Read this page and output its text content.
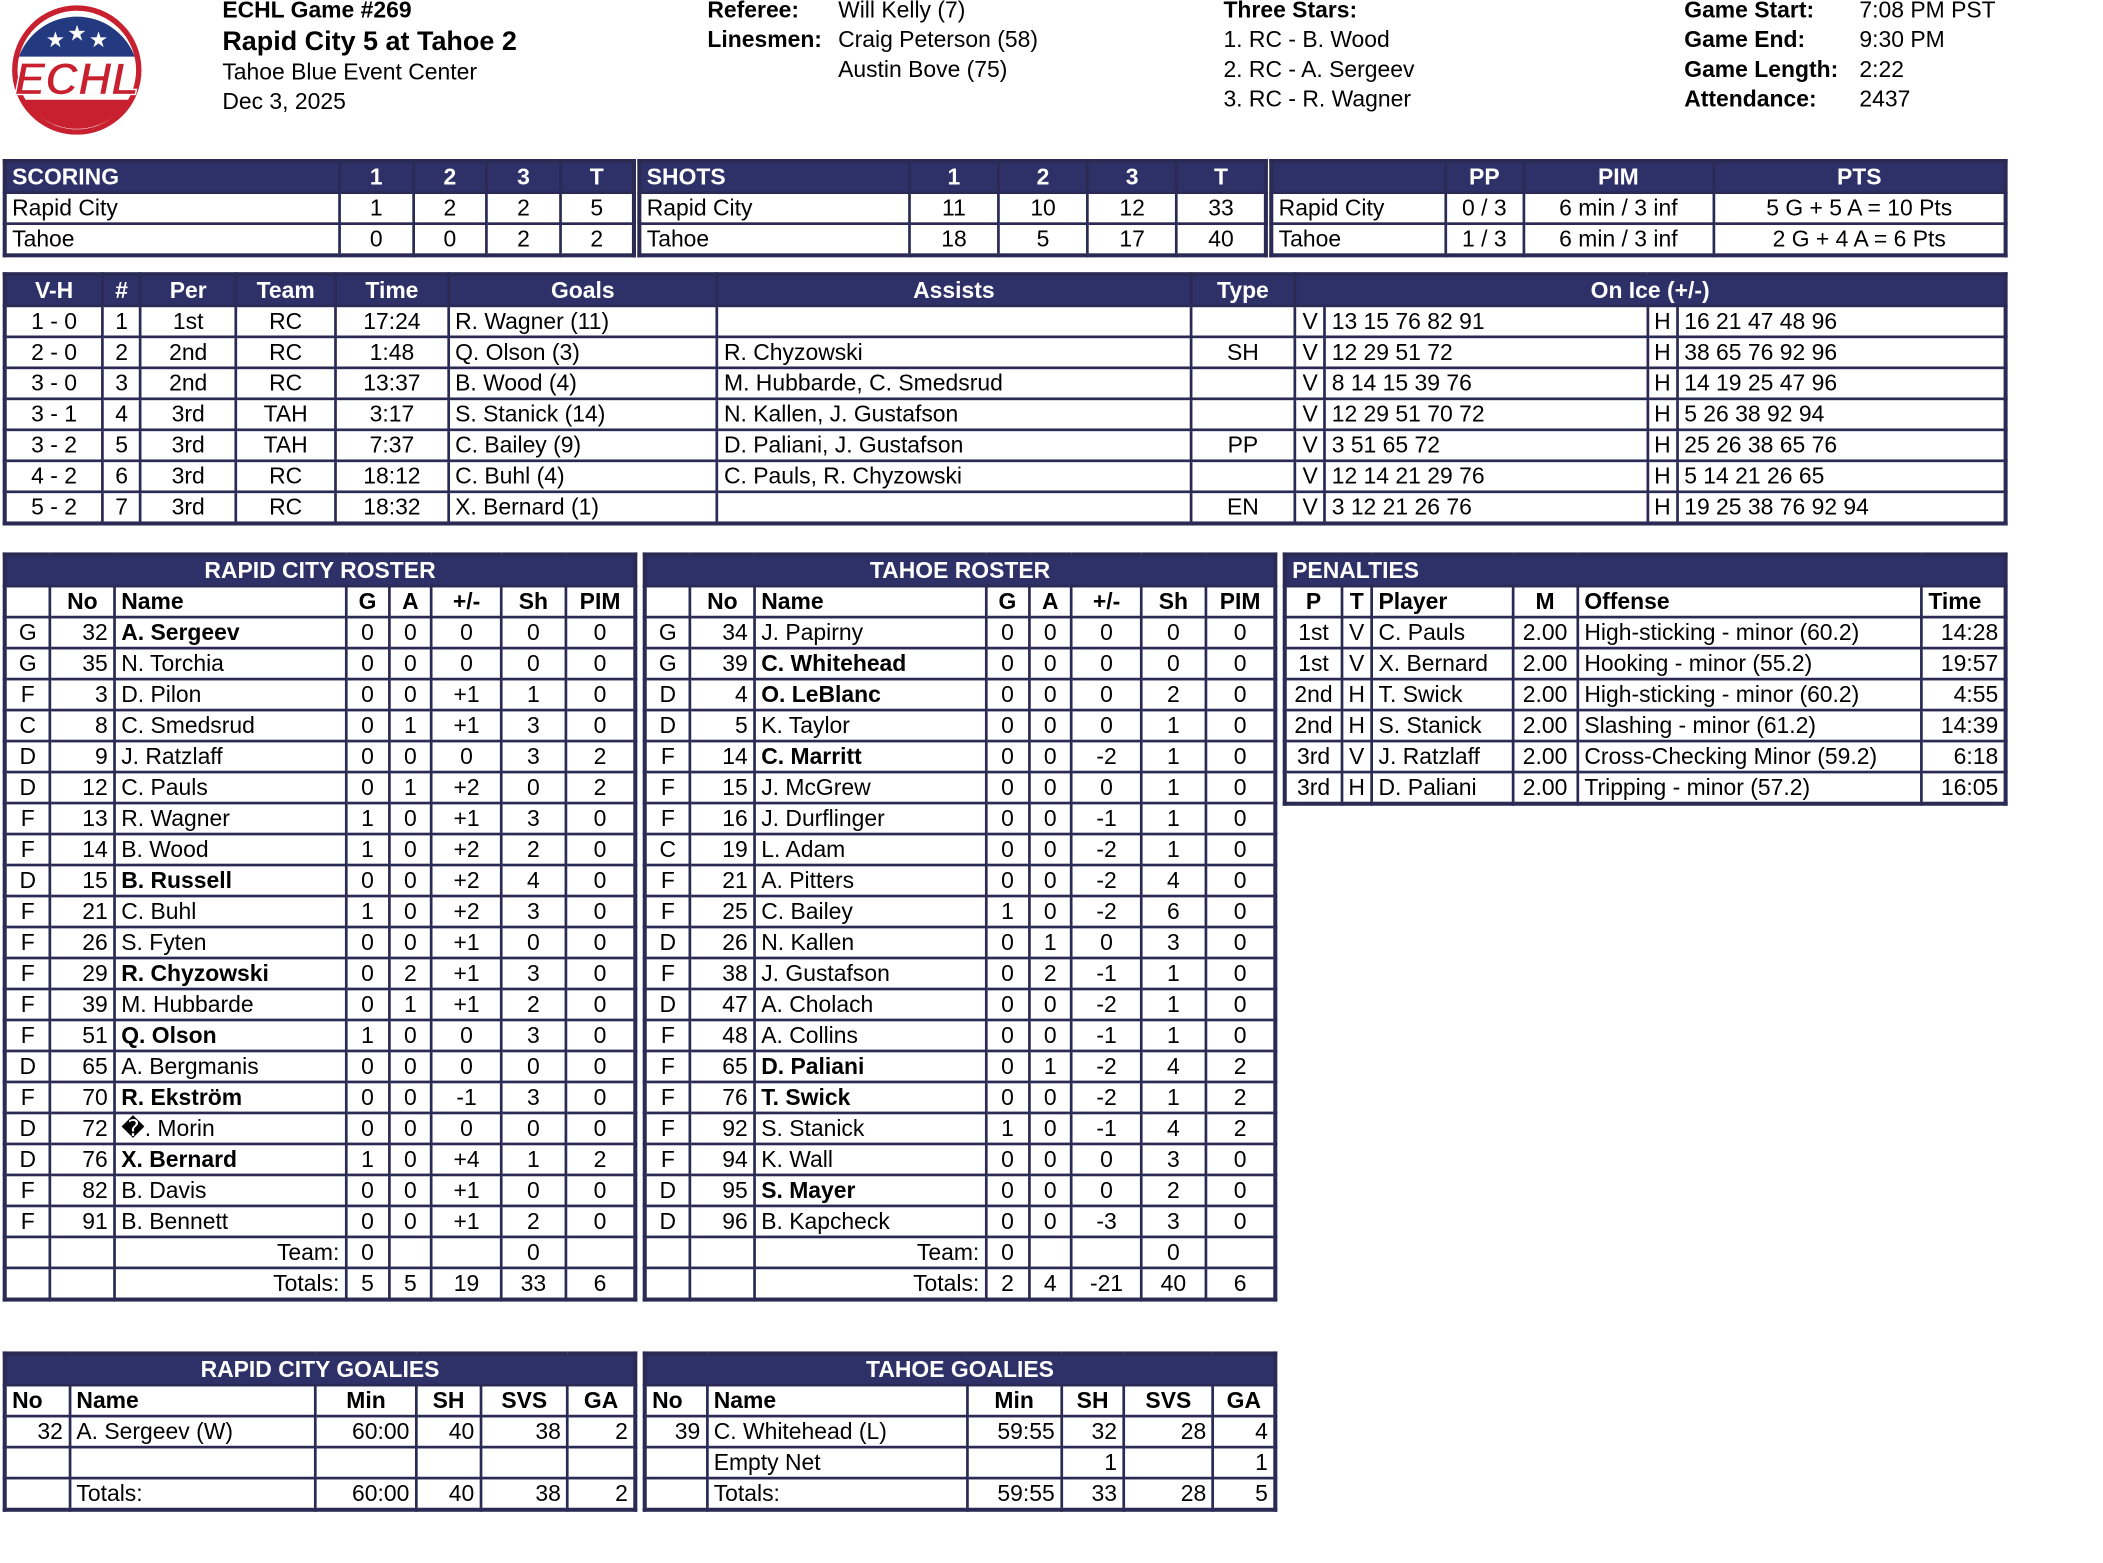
★ ★ ★
ECHL
ECHL Game #269
Rapid City 5 at Tahoe 2
Tahoe Blue Event Center
Dec 3, 2025
Referee:
Linesmen:
Will Kelly (7)
Craig Peterson (58)
Austin Bove (75)
Three Stars:
1. RC - B. Wood
2. RC - A. Sergeev
3. RC - R. Wagner
Game Start:
Game End:
Game Length:
Attendance:
7:08 PM PST
9:30 PM
2:22
2437
SCORING	1	2	3	T
Rapid City	1	2	2	5
Tahoe	0	0	2	2
SHOTS	1	2	3	T
Rapid City	11	10	12	33
Tahoe	18	5	17	40
	PP	PIM	PTS
Rapid City	0 / 3	6 min / 3 inf	5 G + 5 A = 10 Pts
Tahoe	1 / 3	6 min / 3 inf	2 G + 4 A = 6 Pts
V-H	#	Per	Team	Time	Goals	Assists	Type	On Ice (+/-)			
1 - 0	1	1st	RC	17:24	R. Wagner (11)			V	13 15 76 82 91	H	16 21 47 48 96
2 - 0	2	2nd	RC	1:48	Q. Olson (3)	R. Chyzowski	SH	V	12 29 51 72	H	38 65 76 92 96
3 - 0	3	2nd	RC	13:37	B. Wood (4)	M. Hubbarde, C. Smedsrud		V	8 14 15 39 76	H	14 19 25 47 96
3 - 1	4	3rd	TAH	3:17	S. Stanick (14)	N. Kallen, J. Gustafson		V	12 29 51 70 72	H	5 26 38 92 94
3 - 2	5	3rd	TAH	7:37	C. Bailey (9)	D. Paliani, J. Gustafson	PP	V	3 51 65 72	H	25 26 38 65 76
4 - 2	6	3rd	RC	18:12	C. Buhl (4)	C. Pauls, R. Chyzowski		V	12 14 21 29 76	H	5 14 21 26 65
5 - 2	7	3rd	RC	18:32	X. Bernard (1)		EN	V	3 12 21 26 76	H	19 25 38 76 92 94
RAPID CITY ROSTER							
	No	Name	G	A	+/-	Sh	PIM
G	32	A. Sergeev	0	0	0	0	0
G	35	N. Torchia	0	0	0	0	0
F	3	D. Pilon	0	0	+1	1	0
C	8	C. Smedsrud	0	1	+1	3	0
D	9	J. Ratzlaff	0	0	0	3	2
D	12	C. Pauls	0	1	+2	0	2
F	13	R. Wagner	1	0	+1	3	0
F	14	B. Wood	1	0	+2	2	0
D	15	B. Russell	0	0	+2	4	0
F	21	C. Buhl	1	0	+2	3	0
F	26	S. Fyten	0	0	+1	0	0
F	29	R. Chyzowski	0	2	+1	3	0
F	39	M. Hubbarde	0	1	+1	2	0
F	51	Q. Olson	1	0	0	3	0
D	65	A. Bergmanis	0	0	0	0	0
F	70	R. Ekström	0	0	-1	3	0
D	72	�. Morin	0	0	0	0	0
D	76	X. Bernard	1	0	+4	1	2
F	82	B. Davis	0	0	+1	0	0
F	91	B. Bennett	0	0	+1	2	0
		Team:	0			0	
		Totals:	5	5	19	33	6
TAHOE ROSTER							
	No	Name	G	A	+/-	Sh	PIM
G	34	J. Papirny	0	0	0	0	0
G	39	C. Whitehead	0	0	0	0	0
D	4	O. LeBlanc	0	0	0	2	0
D	5	K. Taylor	0	0	0	1	0
F	14	C. Marritt	0	0	-2	1	0
F	15	J. McGrew	0	0	0	1	0
F	16	J. Durflinger	0	0	-1	1	0
C	19	L. Adam	0	0	-2	1	0
F	21	A. Pitters	0	0	-2	4	0
F	25	C. Bailey	1	0	-2	6	0
D	26	N. Kallen	0	1	0	3	0
F	38	J. Gustafson	0	2	-1	1	0
D	47	A. Cholach	0	0	-2	1	0
F	48	A. Collins	0	0	-1	1	0
F	65	D. Paliani	0	1	-2	4	2
F	76	T. Swick	0	0	-2	1	2
F	92	S. Stanick	1	0	-1	4	2
F	94	K. Wall	0	0	0	3	0
D	95	S. Mayer	0	0	0	2	0
D	96	B. Kapcheck	0	0	-3	3	0
		Team:	0			0	
		Totals:	2	4	-21	40	6
PENALTIES					
P	T	Player	M	Offense	Time
1st	V	C. Pauls	2.00	High-sticking - minor (60.2)	14:28
1st	V	X. Bernard	2.00	Hooking - minor (55.2)	19:57
2nd	H	T. Swick	2.00	High-sticking - minor (60.2)	4:55
2nd	H	S. Stanick	2.00	Slashing - minor (61.2)	14:39
3rd	V	J. Ratzlaff	2.00	Cross-Checking Minor (59.2)	6:18
3rd	H	D. Paliani	2.00	Tripping - minor (57.2)	16:05
RAPID CITY GOALIES					
No	Name	Min	SH	SVS	GA
32	A. Sergeev (W)	60:00	40	38	2

	Totals:	60:00	40	38	2
TAHOE GOALIES					
No	Name	Min	SH	SVS	GA
39	C. Whitehead (L)	59:55	32	28	4
	Empty Net		1		1
	Totals:	59:55	33	28	5
